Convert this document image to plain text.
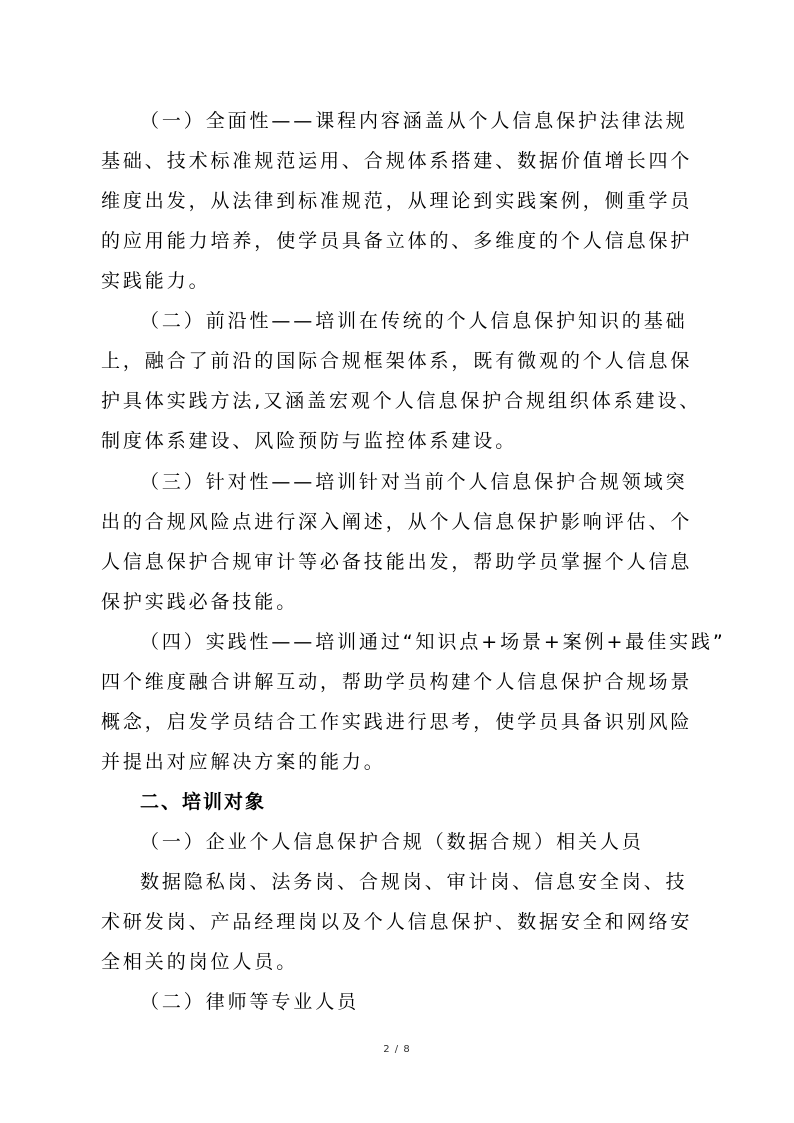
（一）全面性——课程内容涵盖从个人信息保护法律法规
基础、技术标准规范运用、合规体系搭建、数据价值增长四个
维度出发，从法律到标准规范，从理论到实践案例，侧重学员
的应用能力培养，使学员具备立体的、多维度的个人信息保护
实践能力。
（二）前沿性——培训在传统的个人信息保护知识的基础
上，融合了前沿的国际合规框架体系，既有微观的个人信息保
护具体实践方法,又涵盖宏观个人信息保护合规组织体系建设、
制度体系建设、风险预防与监控体系建设。
（三）针对性——培训针对当前个人信息保护合规领域突
出的合规风险点进行深入阐述，从个人信息保护影响评估、个
人信息保护合规审计等必备技能出发，帮助学员掌握个人信息
保护实践必备技能。
（四）实践性——培训通过“知识点+场景+案例+最佳实践”
四个维度融合讲解互动，帮助学员构建个人信息保护合规场景
概念，启发学员结合工作实践进行思考，使学员具备识别风险
并提出对应解决方案的能力。
二、培训对象
（一）企业个人信息保护合规（数据合规）相关人员
数据隐私岗、法务岗、合规岗、审计岗、信息安全岗、技
术研发岗、产品经理岗以及个人信息保护、数据安全和网络安
全相关的岗位人员。
（二）律师等专业人员
2 / 8
